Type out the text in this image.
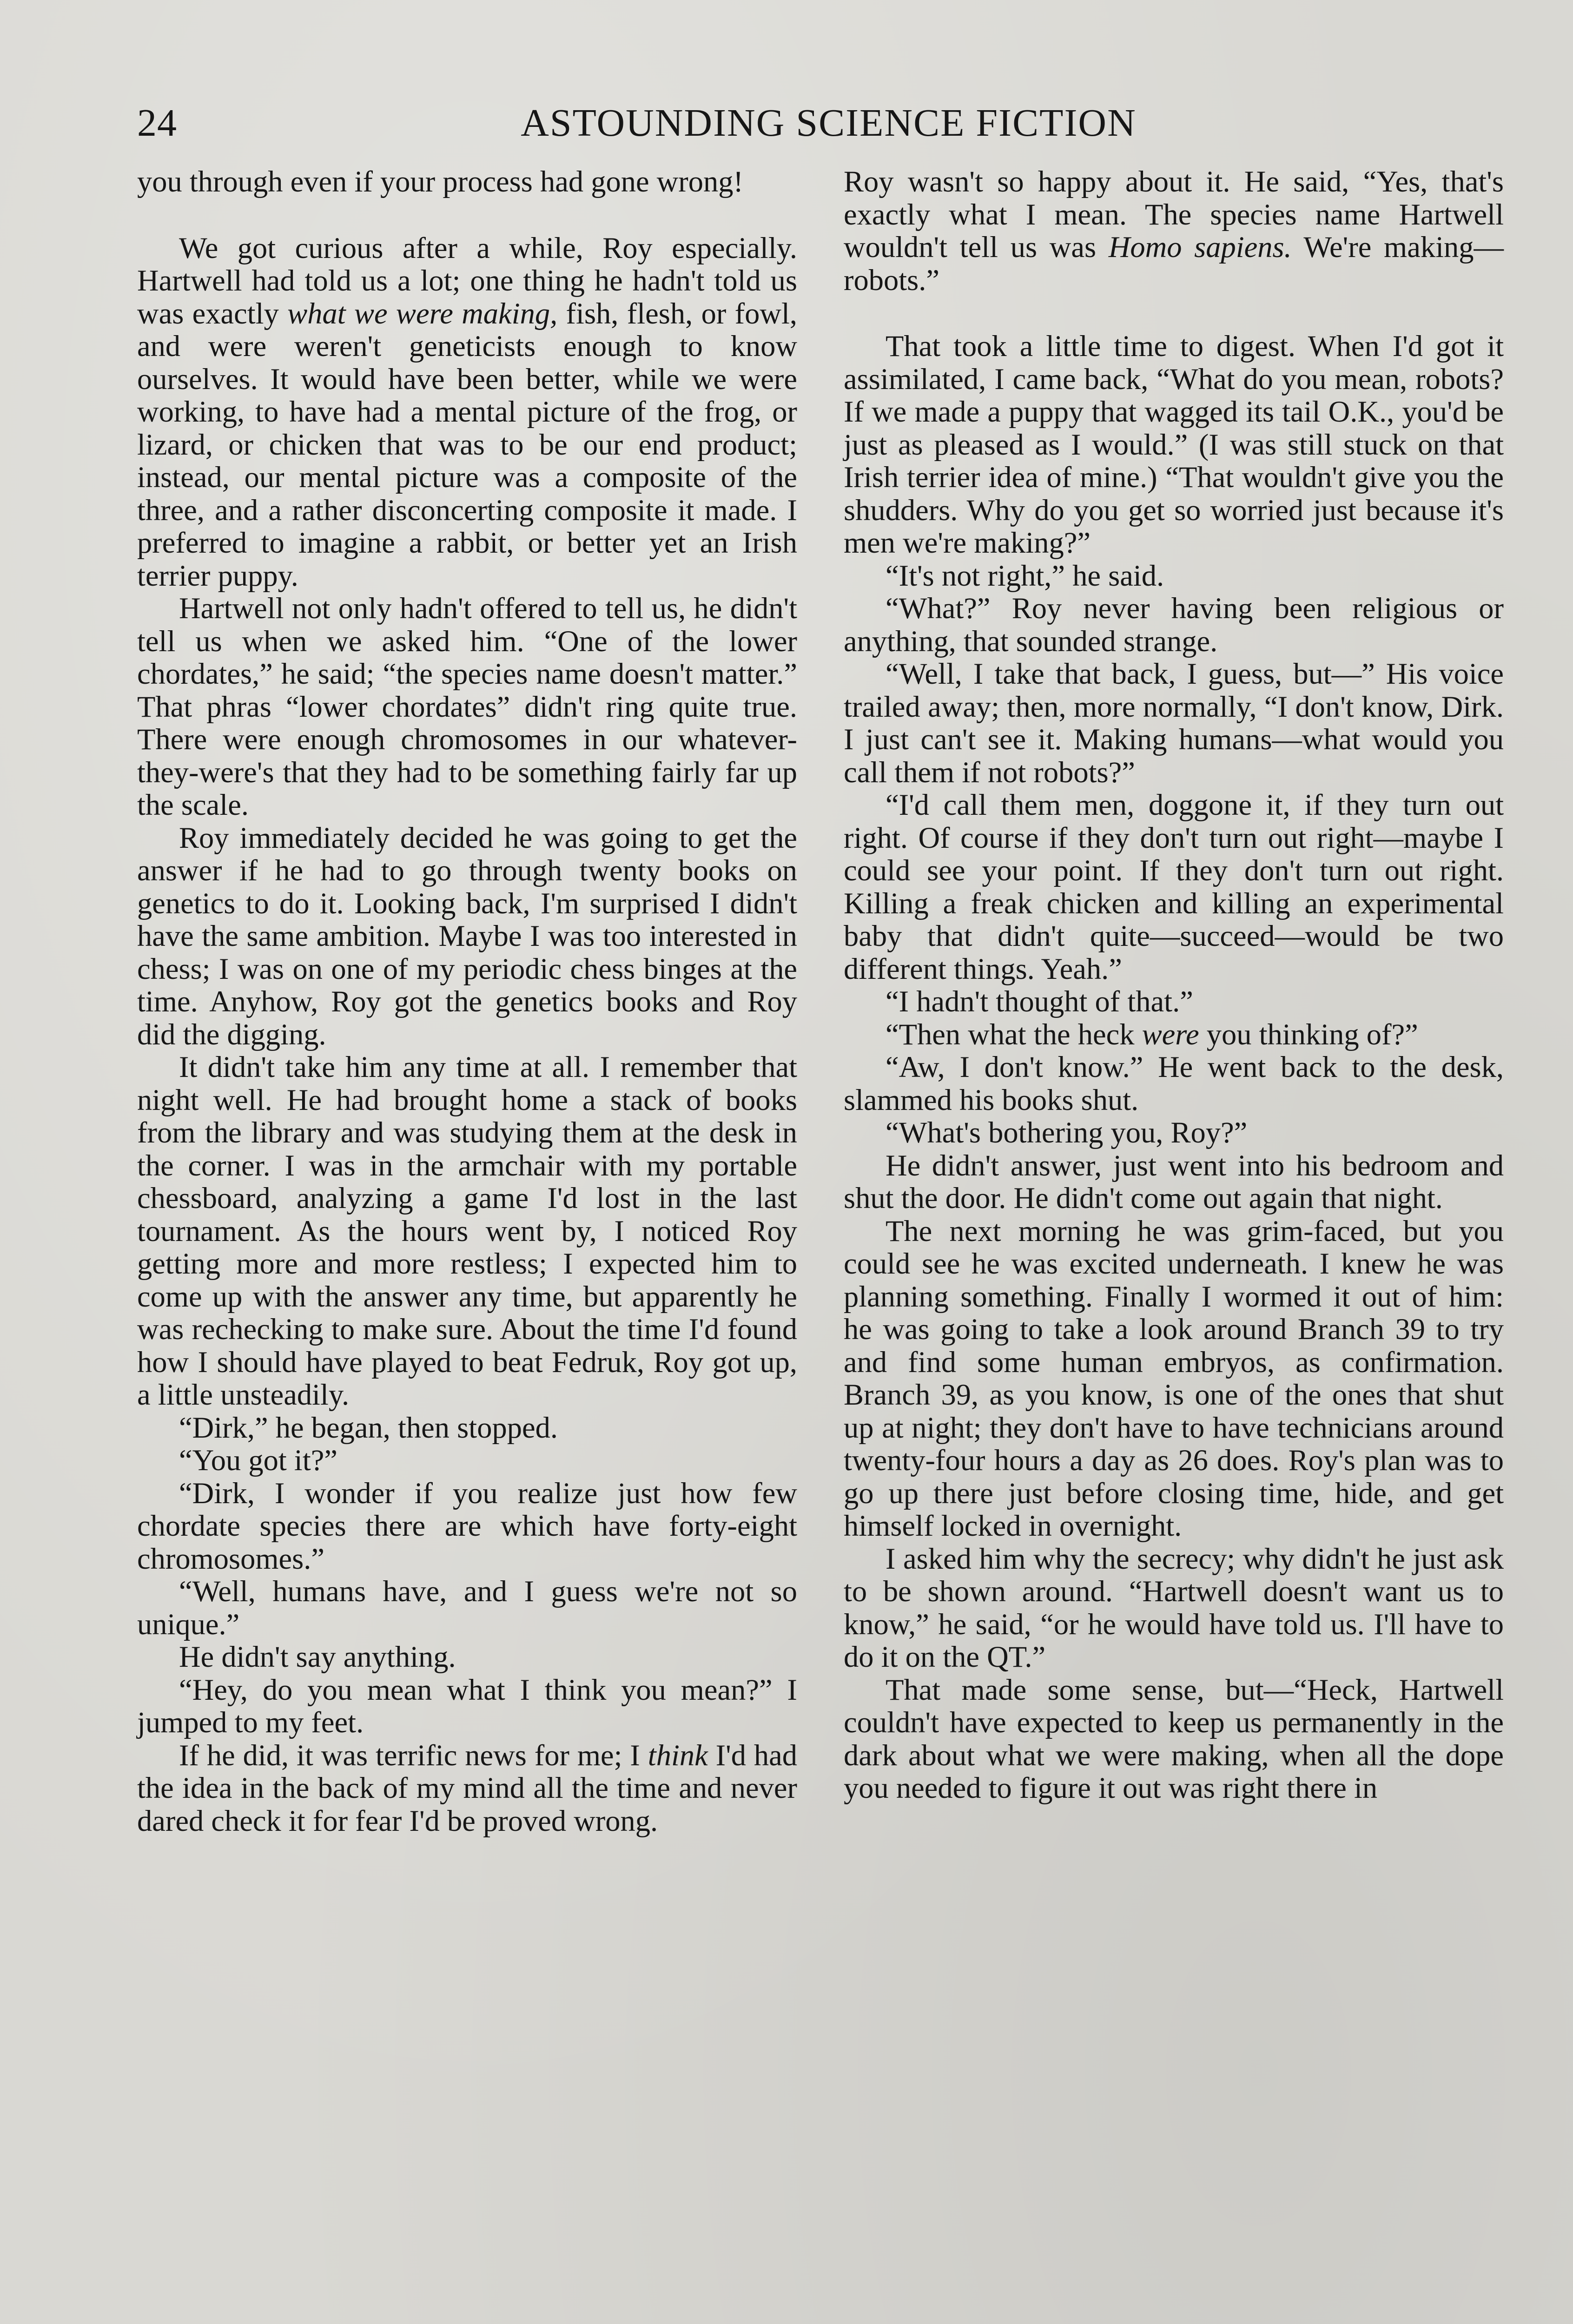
24	ASTOUNDING SCIENCE FICTION

you through even if your process had gone wrong!

We got curious after a while, Roy especially. Hartwell had told us a lot; one thing he hadn't told us was exactly what we were making, fish, flesh, or fowl, and were weren't geneticists enough to know ourselves. It would have been better, while we were working, to have had a mental picture of the frog, or lizard, or chicken that was to be our end product; instead, our mental picture was a composite of the three, and a rather disconcerting composite it made. I preferred to imagine a rabbit, or better yet an Irish terrier puppy.

Hartwell not only hadn't offered to tell us, he didn't tell us when we asked him. “One of the lower chordates,” he said; “the species name doesn't matter.” That phras “lower chordates” didn't ring quite true. There were enough chromosomes in our whatever-they-were's that they had to be something fairly far up the scale.

Roy immediately decided he was going to get the answer if he had to go through twenty books on genetics to do it. Looking back, I'm surprised I didn't have the same ambition. Maybe I was too interested in chess; I was on one of my periodic chess binges at the time. Anyhow, Roy got the genetics books and Roy did the digging.

It didn't take him any time at all. I remember that night well. He had brought home a stack of books from the library and was studying them at the desk in the corner. I was in the armchair with my portable chessboard, analyzing a game I'd lost in the last tournament. As the hours went by, I noticed Roy getting more and more restless; I expected him to come up with the answer any time, but apparently he was rechecking to make sure. About the time I'd found how I should have played to beat Fedruk, Roy got up, a little unsteadily.

“Dirk,” he began, then stopped.

“You got it?”

“Dirk, I wonder if you realize just how few chordate species there are which have forty-eight chromosomes.”

“Well, humans have, and I guess we're not so unique.”

He didn't say anything.

“Hey, do you mean what I think you mean?” I jumped to my feet.

If he did, it was terrific news for me; I think I'd had the idea in the back of my mind all the time and never dared check it for fear I'd be proved wrong.

Roy wasn't so happy about it. He said, “Yes, that's exactly what I mean. The species name Hartwell wouldn't tell us was Homo sapiens. We're making—robots.”

That took a little time to digest. When I'd got it assimilated, I came back, “What do you mean, robots? If we made a puppy that wagged its tail O.K., you'd be just as pleased as I would.” (I was still stuck on that Irish terrier idea of mine.) “That wouldn't give you the shudders. Why do you get so worried just because it's men we're making?”

“It's not right,” he said.

“What?” Roy never having been religious or anything, that sounded strange.

“Well, I take that back, I guess, but—” His voice trailed away; then, more normally, “I don't know, Dirk. I just can't see it. Making humans—what would you call them if not robots?”

“I'd call them men, doggone it, if they turn out right. Of course if they don't turn out right—maybe I could see your point. If they don't turn out right. Killing a freak chicken and killing an experimental baby that didn't quite—succeed—would be two different things. Yeah.”

“I hadn't thought of that.”

“Then what the heck were you thinking of?”

“Aw, I don't know.” He went back to the desk, slammed his books shut.

“What's bothering you, Roy?”

He didn't answer, just went into his bedroom and shut the door. He didn't come out again that night.

The next morning he was grim-faced, but you could see he was excited underneath. I knew he was planning something. Finally I wormed it out of him: he was going to take a look around Branch 39 to try and find some human embryos, as confirmation. Branch 39, as you know, is one of the ones that shut up at night; they don't have to have technicians around twenty-four hours a day as 26 does. Roy's plan was to go up there just before closing time, hide, and get himself locked in overnight.

I asked him why the secrecy; why didn't he just ask to be shown around. “Hartwell doesn't want us to know,” he said, “or he would have told us. I'll have to do it on the QT.”

That made some sense, but—“Heck, Hartwell couldn't have expected to keep us permanently in the dark about what we were making, when all the dope you needed to figure it out was right there in
